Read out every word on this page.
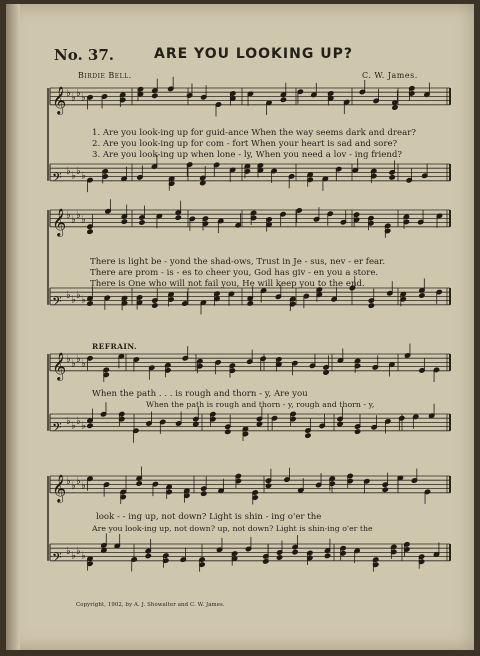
𝄞 ♭ ♭ ♭ ♭
𝄢 ♭ ♭ ♭ ♭
𝄞 ♭ ♭ ♭ ♭
𝄢 ♭ ♭ ♭ ♭
𝄞 ♭ ♭ ♭ ♭
𝄢 ♭ ♭ ♭ ♭
𝄞 ♭ ♭ ♭ ♭
𝄢 ♭ ♭ ♭ ♭
No. 37.	ARE YOU LOOKING UP?
Birdie Bell.	C. W. James.
1. Are you look-ing up for guid-ance When the way seems dark and drear?
2. Are you look-ing up for com - fort When your heart is sad and sore?
3. Are you look-ing up when lone - ly, When you need a lov - ing friend?
There is light be - yond the shad-ows, Trust in Je - sus, nev - er fear.
There are prom - is - es to cheer you, God has giv - en you a store.
There is One who will not fail you, He will keep you to the end.
REFRAIN.
When the path . . . is rough and thorn - y, Are you
When the path is rough and thorn - y, rough and thorn - y,
look - - ing up, not down? Light is shin - ing o'er the
Are you look-ing up, not down? up, not down? Light is shin-ing o'er the
Copyright, 1902, by A. J. Showalter and C. W. James.
